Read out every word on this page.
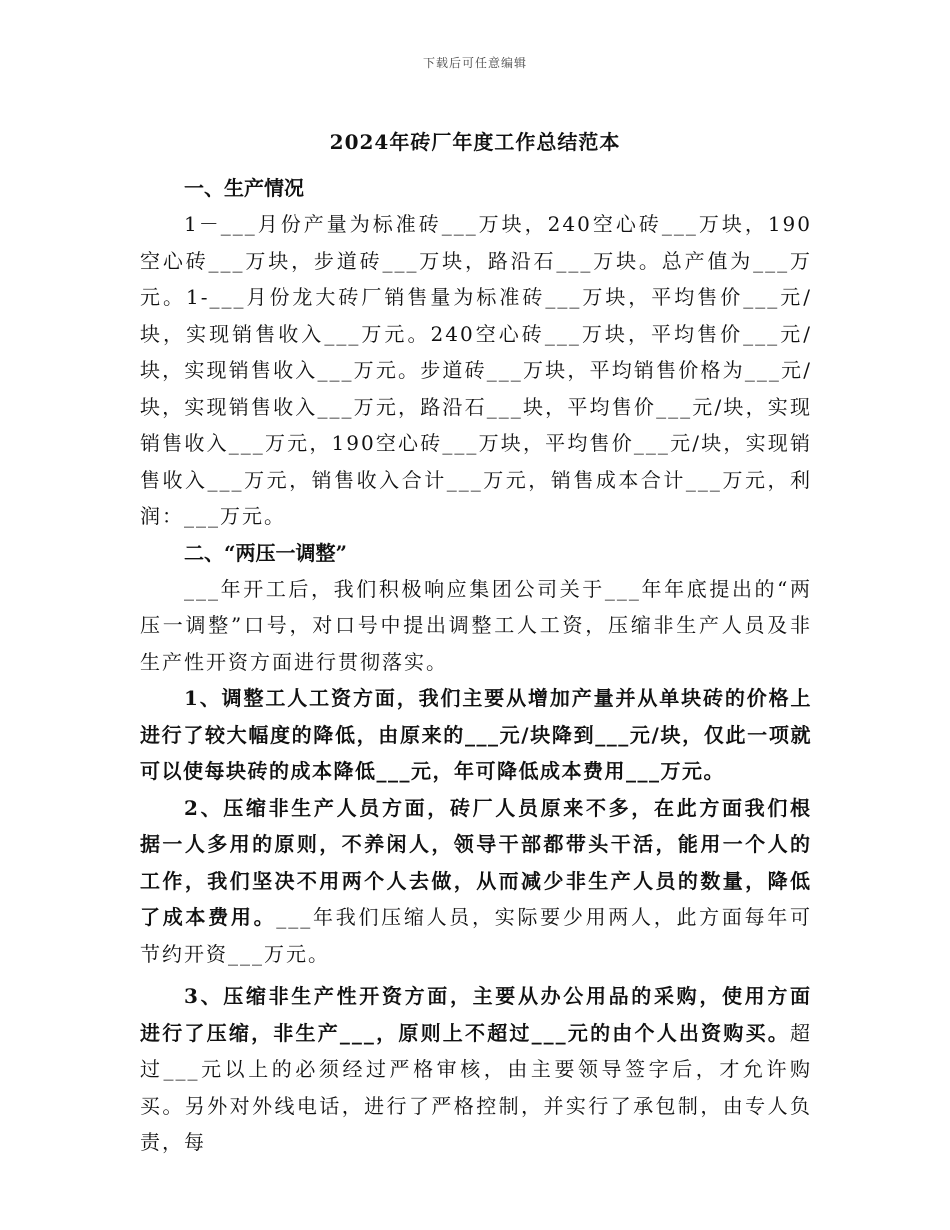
下载后可任意编辑
2024年砖厂年度工作总结范本

一、生产情况

1－___月份产量为标准砖___万块，240空心砖___万块，190空心砖___万块，步道砖___万块，路沿石___万块。总产值为___万元。1-___月份龙大砖厂销售量为标准砖___万块，平均售价___元/块，实现销售收入___万元。240空心砖___万块，平均售价___元/块，实现销售收入___万元。步道砖___万块，平均销售价格为___元/块，实现销售收入___万元，路沿石___块，平均售价___元/块，实现销售收入___万元，190空心砖___万块，平均售价___元/块，实现销售收入___万元，销售收入合计___万元，销售成本合计___万元，利润：___万元。

二、“两压一调整”

___年开工后，我们积极响应集团公司关于___年年底提出的“两压一调整”口号，对口号中提出调整工人工资，压缩非生产人员及非生产性开资方面进行贯彻落实。

1、调整工人工资方面，我们主要从增加产量并从单块砖的价格上进行了较大幅度的降低，由原来的___元/块降到___元/块，仅此一项就可以使每块砖的成本降低___元，年可降低成本费用___万元。

2、压缩非生产人员方面，砖厂人员原来不多，在此方面我们根据一人多用的原则，不养闲人，领导干部都带头干活，能用一个人的工作，我们坚决不用两个人去做，从而减少非生产人员的数量，降低了成本费用。___年我们压缩人员，实际要少用两人，此方面每年可节约开资___万元。

3、压缩非生产性开资方面，主要从办公用品的采购，使用方面进行了压缩，非生产___，原则上不超过___元的由个人出资购买。超过___元以上的必须经过严格审核，由主要领导签字后，才允许购买。另外对外线电话，进行了严格控制，并实行了承包制，由专人负责，每
